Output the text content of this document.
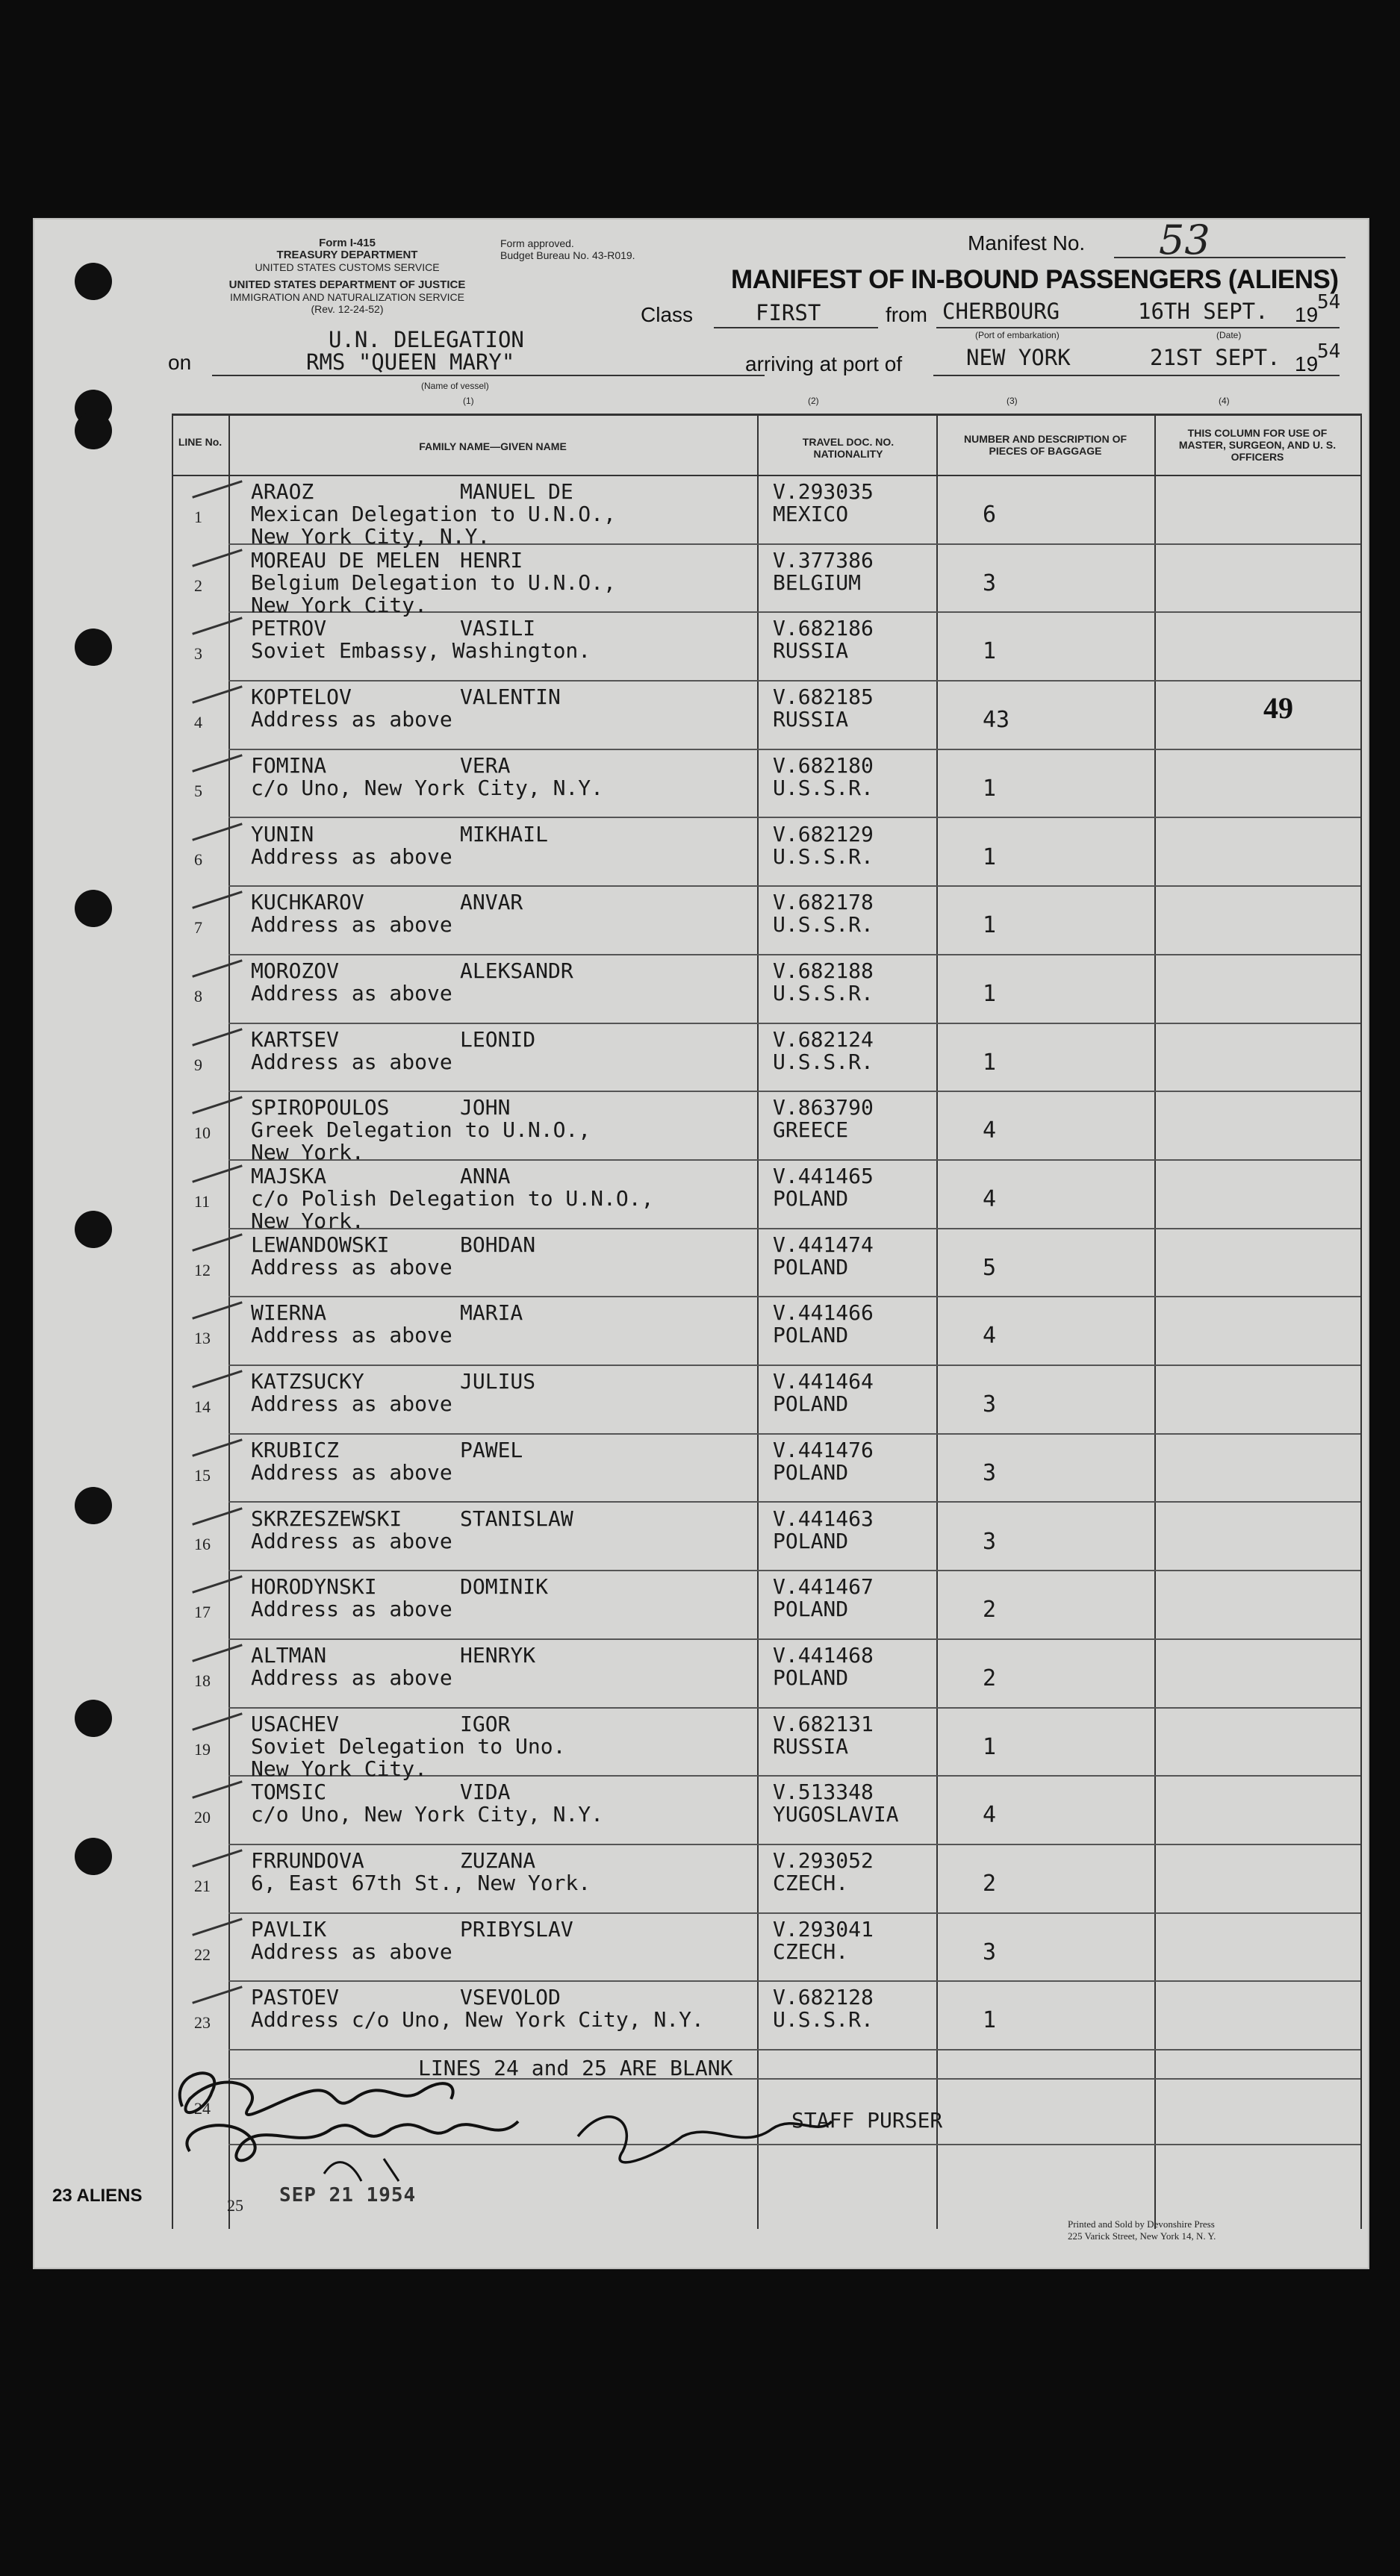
Form I-415
TREASURY DEPARTMENT
UNITED STATES CUSTOMS SERVICE
UNITED STATES DEPARTMENT OF JUSTICE
IMMIGRATION AND NATURALIZATION SERVICE
(Rev. 12-24-52)
Form approved.
Budget Bureau No. 43-R019.
Manifest No. 53
MANIFEST OF IN-BOUND PASSENGERS (ALIENS)
Class	FIRST	from CHERBOURG	16TH SEPT. 19
54
(Port of embarkation)	(Date)
on
U.N. DELEGATION
RMS "QUEEN MARY"
(Name of vessel)
arriving at port of	NEW YORK	21ST SEPT. 19
54
(1)	(2)	(3)	(4)
LINE No.	FAMILY NAME—GIVEN NAME	TRAVEL DOC. NO. NATIONALITY
NUMBER AND DESCRIPTION OF PIECES OF BAGGAGE
THIS COLUMN FOR USE OF MASTER, SURGEON, AND U. S. OFFICERS
1
ARAOZ	MANUEL DE
Mexican Delegation to U.N.O.,
New York City, N.Y.
V.293035
MEXICO	6
2
MOREAU DE MELEN HENRI
Belgium Delegation to U.N.O.,
New York City.
V.377386
BELGIUM	3
3
PETROV	VASILI
Soviet Embassy, Washington.
V.682186
RUSSIA	1
4
KOPTELOV	VALENTIN
Address as above
V.682185
RUSSIA	43	49
5
FOMINA	VERA
c/o Uno, New York City, N.Y.
V.682180
U.S.S.R.	1
6
YUNIN	MIKHAIL
Address as above
V.682129
U.S.S.R.	1
7
KUCHKAROV	ANVAR
Address as above
V.682178
U.S.S.R.	1
8
MOROZOV	ALEKSANDR
Address as above
V.682188
U.S.S.R.	1
9
KARTSEV	LEONID
Address as above
V.682124
U.S.S.R.	1
10
SPIROPOULOS	JOHN
Greek Delegation to U.N.O.,
New York.
V.863790
GREECE	4
11
MAJSKA	ANNA
c/o Polish Delegation to U.N.O.,
New York.
V.441465
POLAND	4
12
LEWANDOWSKI	BOHDAN
Address as above
V.441474
POLAND	5
13
WIERNA	MARIA
Address as above
V.441466
POLAND	4
14
KATZSUCKY	JULIUS
Address as above
V.441464
POLAND	3
15
KRUBICZ	PAWEL
Address as above
V.441476
POLAND	3
16
SKRZESZEWSKI	STANISLAW
Address as above
V.441463
POLAND	3
17
HORODYNSKI	DOMINIK
Address as above
V.441467
POLAND	2
18
ALTMAN	HENRYK
Address as above
V.441468
POLAND	2
19
USACHEV	IGOR
Soviet Delegation to Uno.
New York City.
V.682131
RUSSIA	1
20
TOMSIC	VIDA
c/o Uno, New York City, N.Y.
V.513348
YUGOSLAVIA	4
21
FRRUNDOVA	ZUZANA
6, East 67th St., New York.
V.293052
CZECH.	2
22
PAVLIK	PRIBYSLAV
Address as above
V.293041
CZECH.	3
23
PASTOEV	VSEVOLOD
Address c/o Uno, New York City, N.Y.
V.682128
U.S.S.R.	1
24
LINES 24 and 25 ARE BLANK
STAFF PURSER
23 ALIENS	25 SEP 21 1954
Printed and Sold by Devonshire Press
225 Varick Street, New York 14, N. Y.
